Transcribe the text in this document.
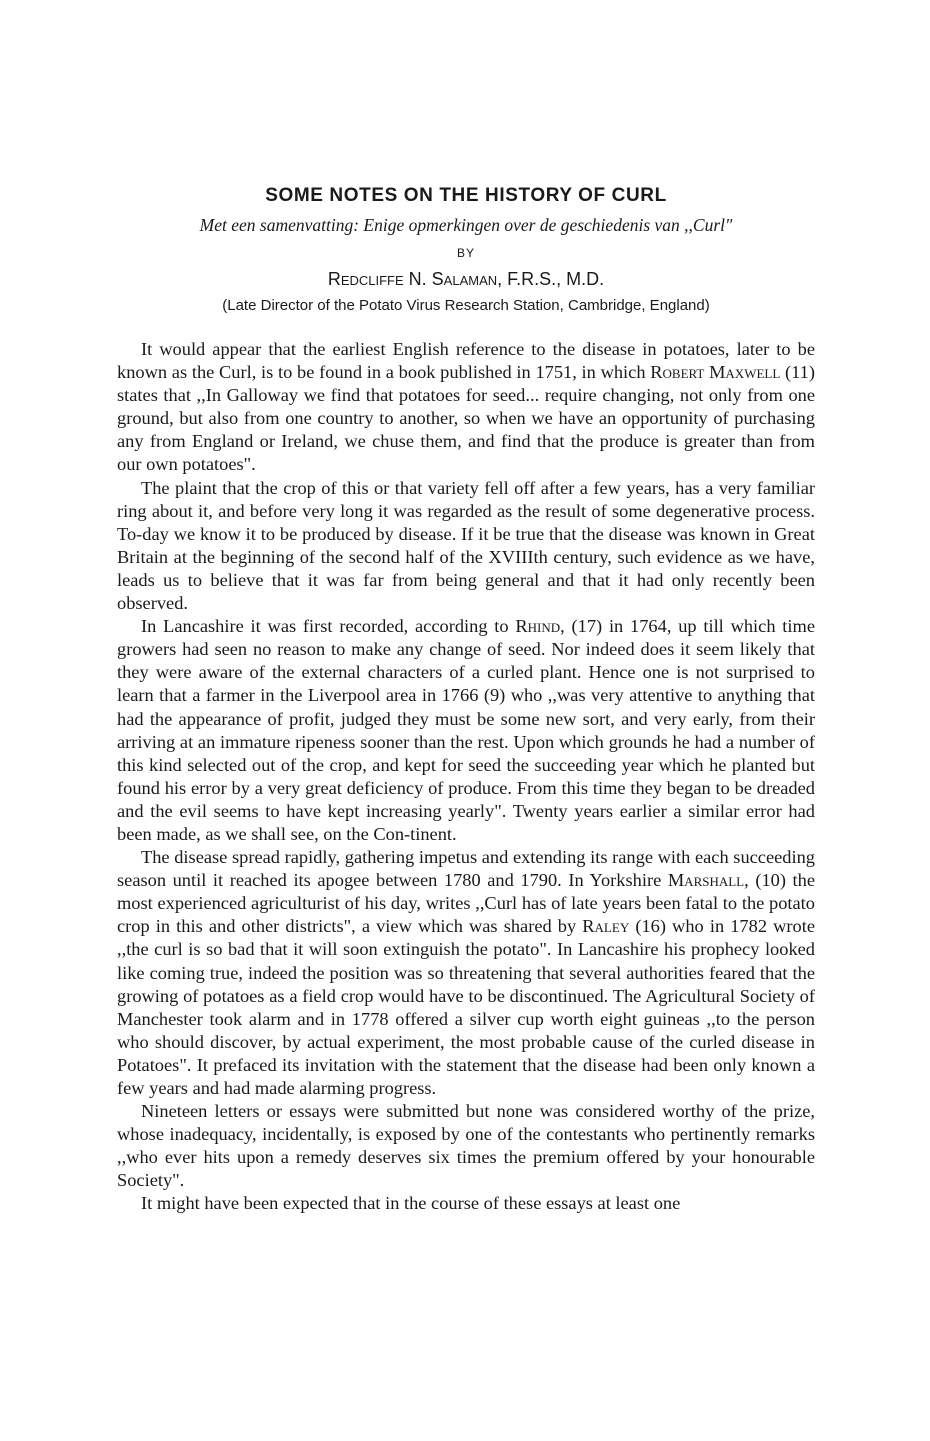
SOME NOTES ON THE HISTORY OF CURL

Met een samenvatting: Enige opmerkingen over de geschiedenis van ,,Curl"

BY

Redcliffe N. Salaman, F.R.S., M.D.

(Late Director of the Potato Virus Research Station, Cambridge, England)

It would appear that the earliest English reference to the disease in potatoes, later to be known as the Curl, is to be found in a book published in 1751, in which Robert Maxwell (11) states that ,,In Galloway we find that potatoes for seed... require changing, not only from one ground, but also from one country to another, so when we have an opportunity of purchasing any from England or Ireland, we chuse them, and find that the produce is greater than from our own potatoes".

The plaint that the crop of this or that variety fell off after a few years, has a very familiar ring about it, and before very long it was regarded as the result of some degenerative process. To-day we know it to be produced by disease. If it be true that the disease was known in Great Britain at the beginning of the second half of the XVIIIth century, such evidence as we have, leads us to believe that it was far from being general and that it had only recently been observed.

In Lancashire it was first recorded, according to Rhind, (17) in 1764, up till which time growers had seen no reason to make any change of seed. Nor indeed does it seem likely that they were aware of the external characters of a curled plant. Hence one is not surprised to learn that a farmer in the Liverpool area in 1766 (9) who ,,was very attentive to anything that had the appearance of profit, judged they must be some new sort, and very early, from their arriving at an immature ripeness sooner than the rest. Upon which grounds he had a number of this kind selected out of the crop, and kept for seed the succeeding year which he planted but found his error by a very great deficiency of produce. From this time they began to be dreaded and the evil seems to have kept increasing yearly". Twenty years earlier a similar error had been made, as we shall see, on the Con-tinent.

The disease spread rapidly, gathering impetus and extending its range with each succeeding season until it reached its apogee between 1780 and 1790. In Yorkshire Marshall, (10) the most experienced agriculturist of his day, writes ,,Curl has of late years been fatal to the potato crop in this and other districts", a view which was shared by Raley (16) who in 1782 wrote ,,the curl is so bad that it will soon extinguish the potato". In Lancashire his prophecy looked like coming true, indeed the position was so threatening that several authorities feared that the growing of potatoes as a field crop would have to be discontinued. The Agricultural Society of Manchester took alarm and in 1778 offered a silver cup worth eight guineas ,,to the person who should discover, by actual experiment, the most probable cause of the curled disease in Potatoes". It prefaced its invitation with the statement that the disease had been only known a few years and had made alarming progress.

Nineteen letters or essays were submitted but none was considered worthy of the prize, whose inadequacy, incidentally, is exposed by one of the contestants who pertinently remarks ,,who ever hits upon a remedy deserves six times the premium offered by your honourable Society".

It might have been expected that in the course of these essays at least one
